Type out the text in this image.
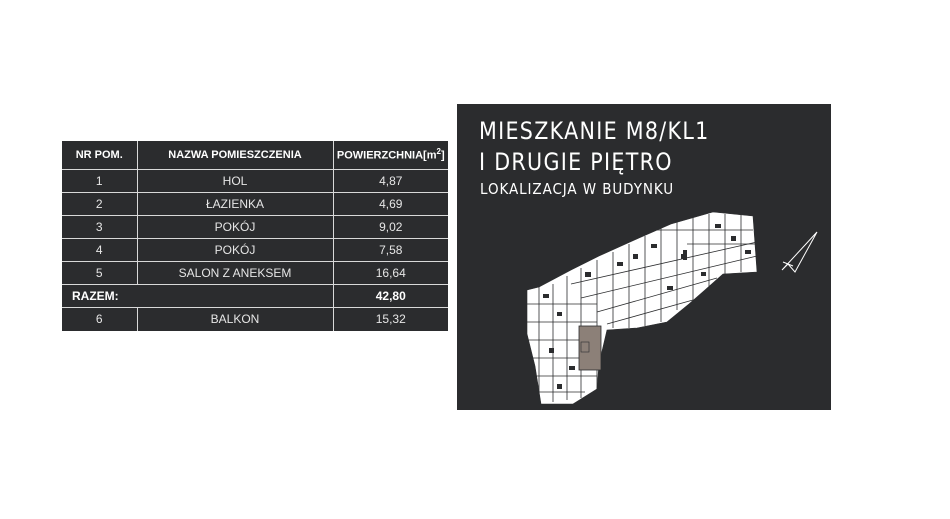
NR POM.	NAZWA POMIESZCZENIA	$POWIERZCHNIA[m^2]$
1	HOL	4,87
2	ŁAZIENKA	4,69
3	POKÓJ	9,02
4	POKÓJ	7,58
5	SALON Z ANEKSEM	16,64
RAZEM:		42,80
6	BALKON	15,32
MIESZKANIE M8/KL1
I DRUGIE PIĘTRO
LOKALIZACJA W BUDYNKU
